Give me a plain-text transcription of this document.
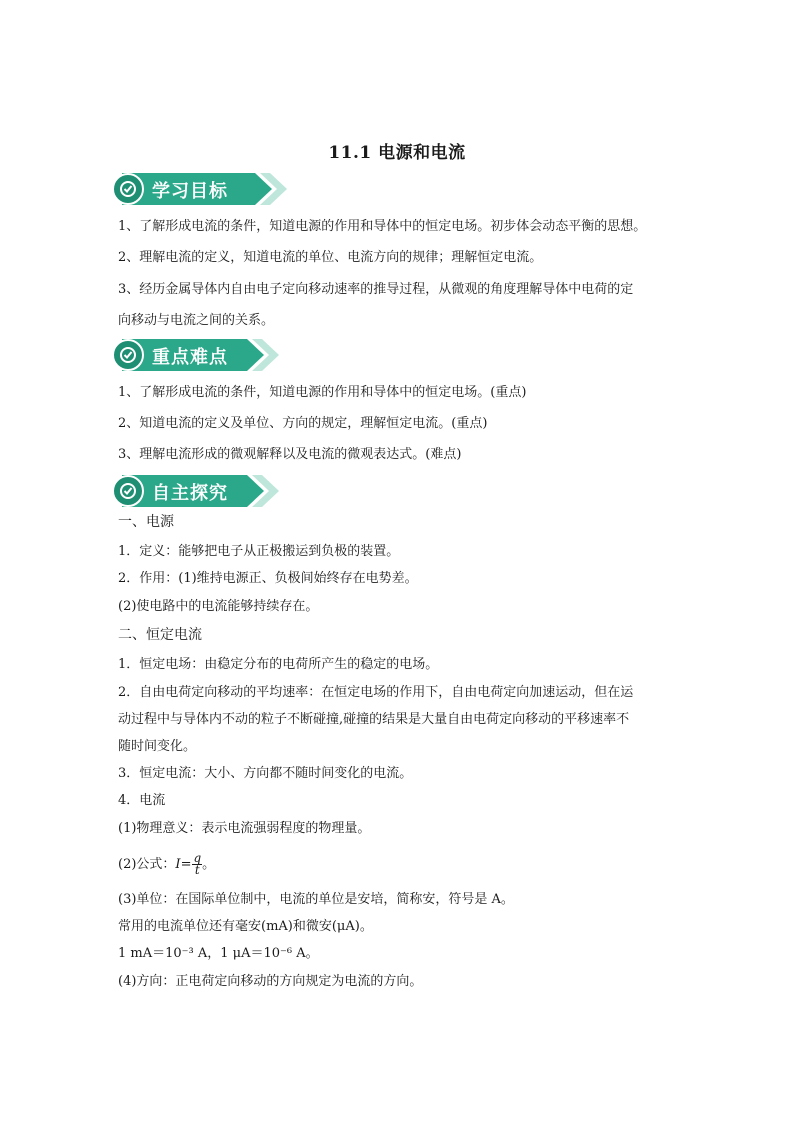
11.1 电源和电流
学习目标
1、了解形成电流的条件，知道电源的作用和导体中的恒定电场。初步体会动态平衡的思想。
2、理解电流的定义，知道电流的单位、电流方向的规律；理解恒定电流。
3、经历金属导体内自由电子定向移动速率的推导过程，从微观的角度理解导体中电荷的定
向移动与电流之间的关系。
重点难点
1、了解形成电流的条件，知道电源的作用和导体中的恒定电场。(重点)
2、知道电流的定义及单位、方向的规定，理解恒定电流。(重点)
3、理解电流形成的微观解释以及电流的微观表达式。(难点)
自主探究
一、电源
1．定义：能够把电子从正极搬运到负极的装置。
2．作用：(1)维持电源正、负极间始终存在电势差。
(2)使电路中的电流能够持续存在。
二、恒定电流
1．恒定电场：由稳定分布的电荷所产生的稳定的电场。
2．自由电荷定向移动的平均速率：在恒定电场的作用下，自由电荷定向加速运动，但在运
动过程中与导体内不动的粒子不断碰撞,碰撞的结果是大量自由电荷定向移动的平移速率不
随时间变化。
3．恒定电流：大小、方向都不随时间变化的电流。
4．电流
(1)物理意义：表示电流强弱程度的物理量。
(2)公式：$I= \frac{q}{t}$ 。
(3)单位：在国际单位制中，电流的单位是安培，简称安，符号是 A。
常用的电流单位还有毫安(mA)和微安(μA)。
1 mA＝10⁻³ A，1 μA＝10⁻⁶ A。
(4)方向：正电荷定向移动的方向规定为电流的方向。
